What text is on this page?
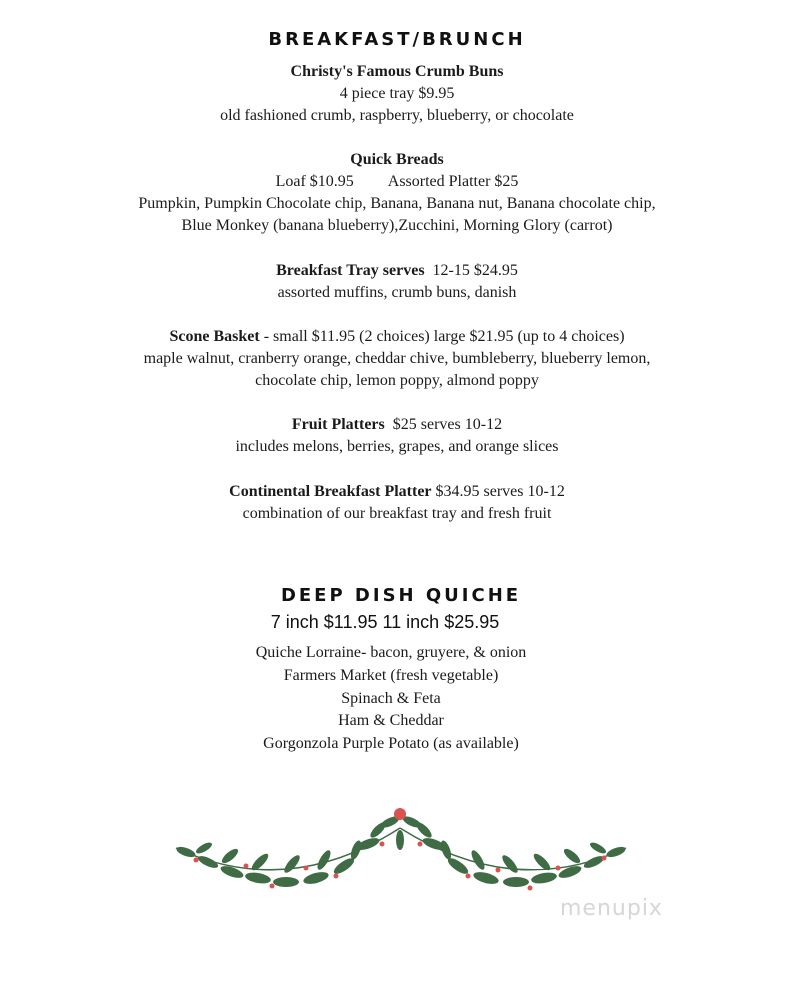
BREAKFAST/BRUNCH
Christy's Famous Crumb Buns
4 piece tray $9.95
old fashioned crumb, raspberry, blueberry, or chocolate
Quick Breads
Loaf $10.95 Assorted Platter $25
Pumpkin, Pumpkin Chocolate chip, Banana, Banana nut, Banana chocolate chip,
Blue Monkey (banana blueberry),Zucchini, Morning Glory (carrot)
Breakfast Tray serves 12-15 $24.95
assorted muffins, crumb buns, danish
Scone Basket - small $11.95 (2 choices) large $21.95 (up to 4 choices)
maple walnut, cranberry orange, cheddar chive, bumbleberry, blueberry lemon,
chocolate chip, lemon poppy, almond poppy
Fruit Platters $25 serves 10-12
includes melons, berries, grapes, and orange slices
Continental Breakfast Platter $34.95 serves 10-12
combination of our breakfast tray and fresh fruit
DEEP DISH QUICHE
7 inch $11.95 11 inch $25.95
Quiche Lorraine- bacon, gruyere, & onion
Farmers Market (fresh vegetable)
Spinach & Feta
Ham & Cheddar
Gorgonzola Purple Potato (as available)
menupix
